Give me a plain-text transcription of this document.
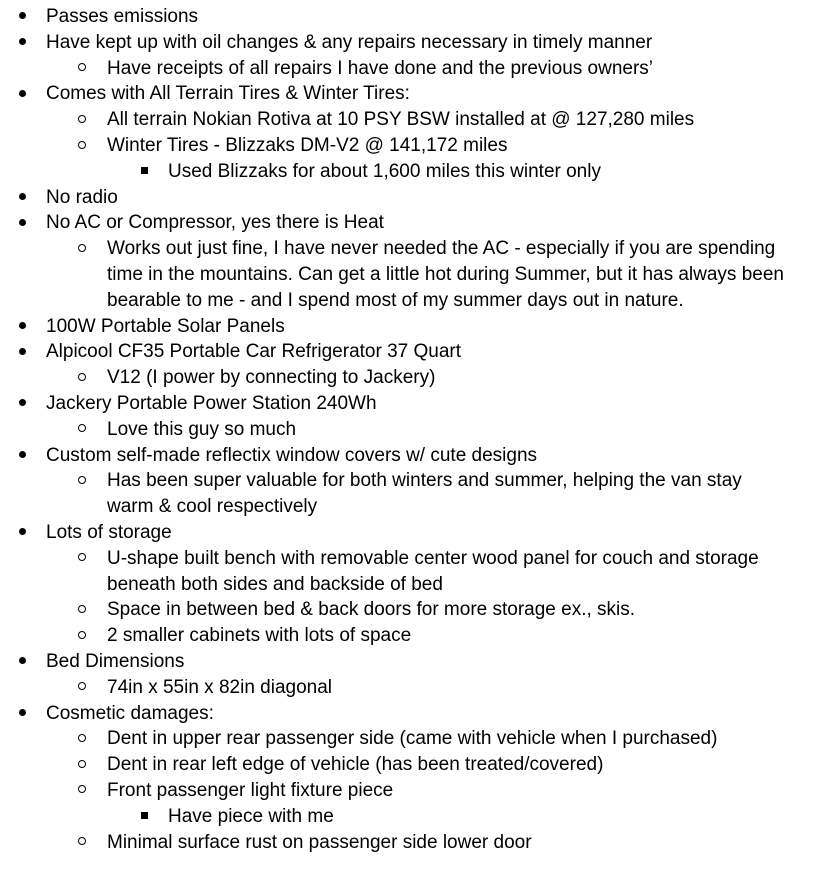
Passes emissions
Have kept up with oil changes & any repairs necessary in timely manner
Have receipts of all repairs I have done and the previous owners’
Comes with All Terrain Tires & Winter Tires:
All terrain Nokian Rotiva at 10 PSY BSW installed at @ 127,280 miles
Winter Tires - Blizzaks DM-V2 @ 141,172 miles
Used Blizzaks for about 1,600 miles this winter only
No radio
No AC or Compressor, yes there is Heat
Works out just fine, I have never needed the AC - especially if you are spending time in the mountains. Can get a little hot during Summer, but it has always been bearable to me - and I spend most of my summer days out in nature.
100W Portable Solar Panels
Alpicool CF35 Portable Car Refrigerator 37 Quart
V12 (I power by connecting to Jackery)
Jackery Portable Power Station 240Wh
Love this guy so much
Custom self-made reflectix window covers w/ cute designs
Has been super valuable for both winters and summer, helping the van stay warm & cool respectively
Lots of storage
U-shape built bench with removable center wood panel for couch and storage beneath both sides and backside of bed
Space in between bed & back doors for more storage ex., skis.
2 smaller cabinets with lots of space
Bed Dimensions
74in x 55in x 82in diagonal
Cosmetic damages:
Dent in upper rear passenger side (came with vehicle when I purchased)
Dent in rear left edge of vehicle (has been treated/covered)
Front passenger light fixture piece
Have piece with me
Minimal surface rust on passenger side lower door
